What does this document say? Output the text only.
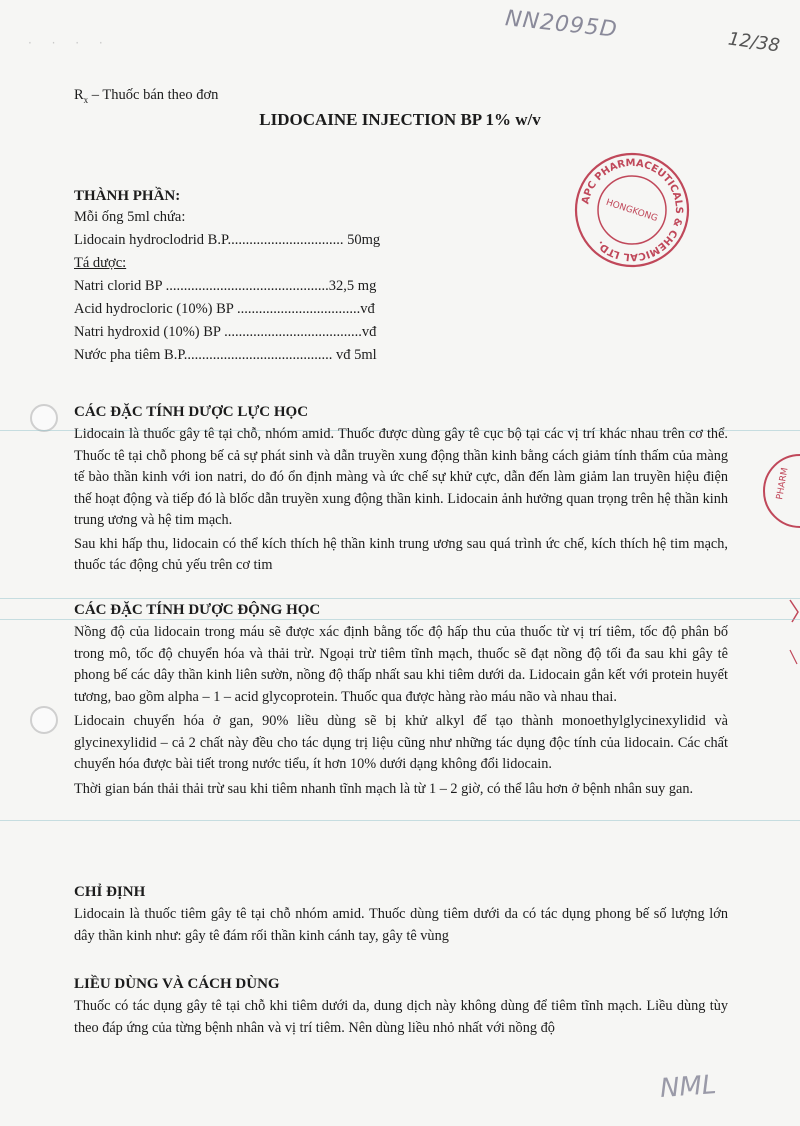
· · · ·
NN2095D	12/38
$R_x$ – Thuốc bán theo đơn
LIDOCAINE INJECTION BP 1% w/v
APC PHARMACEUTICALS & CHEMICAL LTD.
HONGKONG
PHARM

THÀNH PHẦN:

Mỗi ống 5ml chứa:
Lidocain hydroclodrid B.P................................ 50mg
Tá dược:
Natri clorid BP .............................................32,5 mg
Acid hydrocloric (10%) BP ..................................vđ
Natri hydroxid (10%) BP ......................................vđ
Nước pha tiêm B.P......................................... vđ 5ml

CÁC ĐẶC TÍNH DƯỢC LỰC HỌC

Lidocain là thuốc gây tê tại chỗ, nhóm amid. Thuốc được dùng gây tê cục bộ tại các vị trí khác nhau trên cơ thể. Thuốc tê tại chỗ phong bế cả sự phát sinh và dẫn truyền xung động thần kinh bằng cách giảm tính thấm của màng tế bào thần kinh với ion natri, do đó ổn định màng và ức chế sự khử cực, dẫn đến làm giảm lan truyền hiệu điện thế hoạt động và tiếp đó là blốc dẫn truyền xung động thần kinh. Lidocain ảnh hưởng quan trọng trên hệ thần kinh trung ương và hệ tim mạch.

Sau khi hấp thu, lidocain có thể kích thích hệ thần kinh trung ương sau quá trình ức chế, kích thích hệ tim mạch, thuốc tác động chủ yếu trên cơ tim

CÁC ĐẶC TÍNH DƯỢC ĐỘNG HỌC

Nồng độ của lidocain trong máu sẽ được xác định bằng tốc độ hấp thu của thuốc từ vị trí tiêm, tốc độ phân bố trong mô, tốc độ chuyển hóa và thải trừ. Ngoại trừ tiêm tĩnh mạch, thuốc sẽ đạt nồng độ tối đa sau khi gây tê phong bế các dây thần kinh liên sườn, nồng độ thấp nhất sau khi tiêm dưới da. Lidocain gắn kết với protein huyết tương, bao gồm alpha – 1 – acid glycoprotein. Thuốc qua được hàng rào máu não và nhau thai.

Lidocain chuyển hóa ở gan, 90% liều dùng sẽ bị khử alkyl để tạo thành monoethylglycinexylidid và glycinexylidid – cả 2 chất này đều cho tác dụng trị liệu cũng như những tác dụng độc tính của lidocain. Các chất chuyển hóa được bài tiết trong nước tiểu, ít hơn 10% dưới dạng không đổi lidocain.

Thời gian bán thải thải trừ sau khi tiêm nhanh tĩnh mạch là từ 1 – 2 giờ, có thể lâu hơn ở bệnh nhân suy gan.

CHỈ ĐỊNH

Lidocain là thuốc tiêm gây tê tại chỗ nhóm amid. Thuốc dùng tiêm dưới da có tác dụng phong bế số lượng lớn dây thần kinh như: gây tê đám rối thần kinh cánh tay, gây tê vùng

LIỀU DÙNG VÀ CÁCH DÙNG

Thuốc có tác dụng gây tê tại chỗ khi tiêm dưới da, dung dịch này không dùng để tiêm tĩnh mạch. Liều dùng tùy theo đáp ứng của từng bệnh nhân và vị trí tiêm. Nên dùng liều nhỏ nhất với nồng độ

NML
